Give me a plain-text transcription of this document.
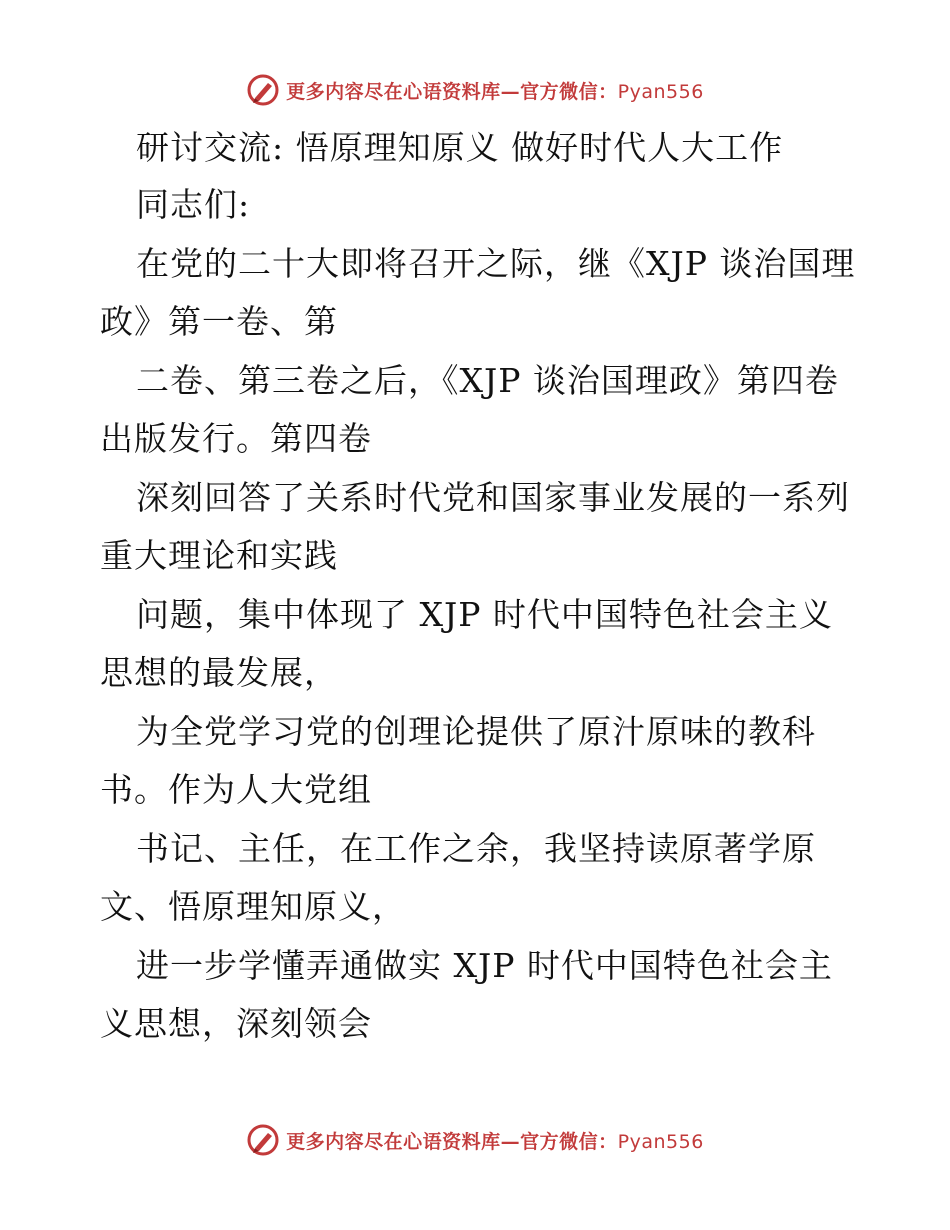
更多内容尽在心语资料库—官方微信：Pyan556
研讨交流: 悟原理知原义 做好时代人大工作
同志们:
在党的二十大即将召开之际，继《XJP 谈治国理
政》第一卷、第
二卷、第三卷之后，《XJP 谈治国理政》第四卷
出版发行。第四卷
深刻回答了关系时代党和国家事业发展的一系列
重大理论和实践
问题，集中体现了 XJP 时代中国特色社会主义
思想的最发展，
为全党学习党的创理论提供了原汁原味的教科
书。作为人大党组
书记、主任，在工作之余，我坚持读原著学原
文、悟原理知原义，
进一步学懂弄通做实 XJP 时代中国特色社会主
义思想，深刻领会
更多内容尽在心语资料库—官方微信：Pyan556
